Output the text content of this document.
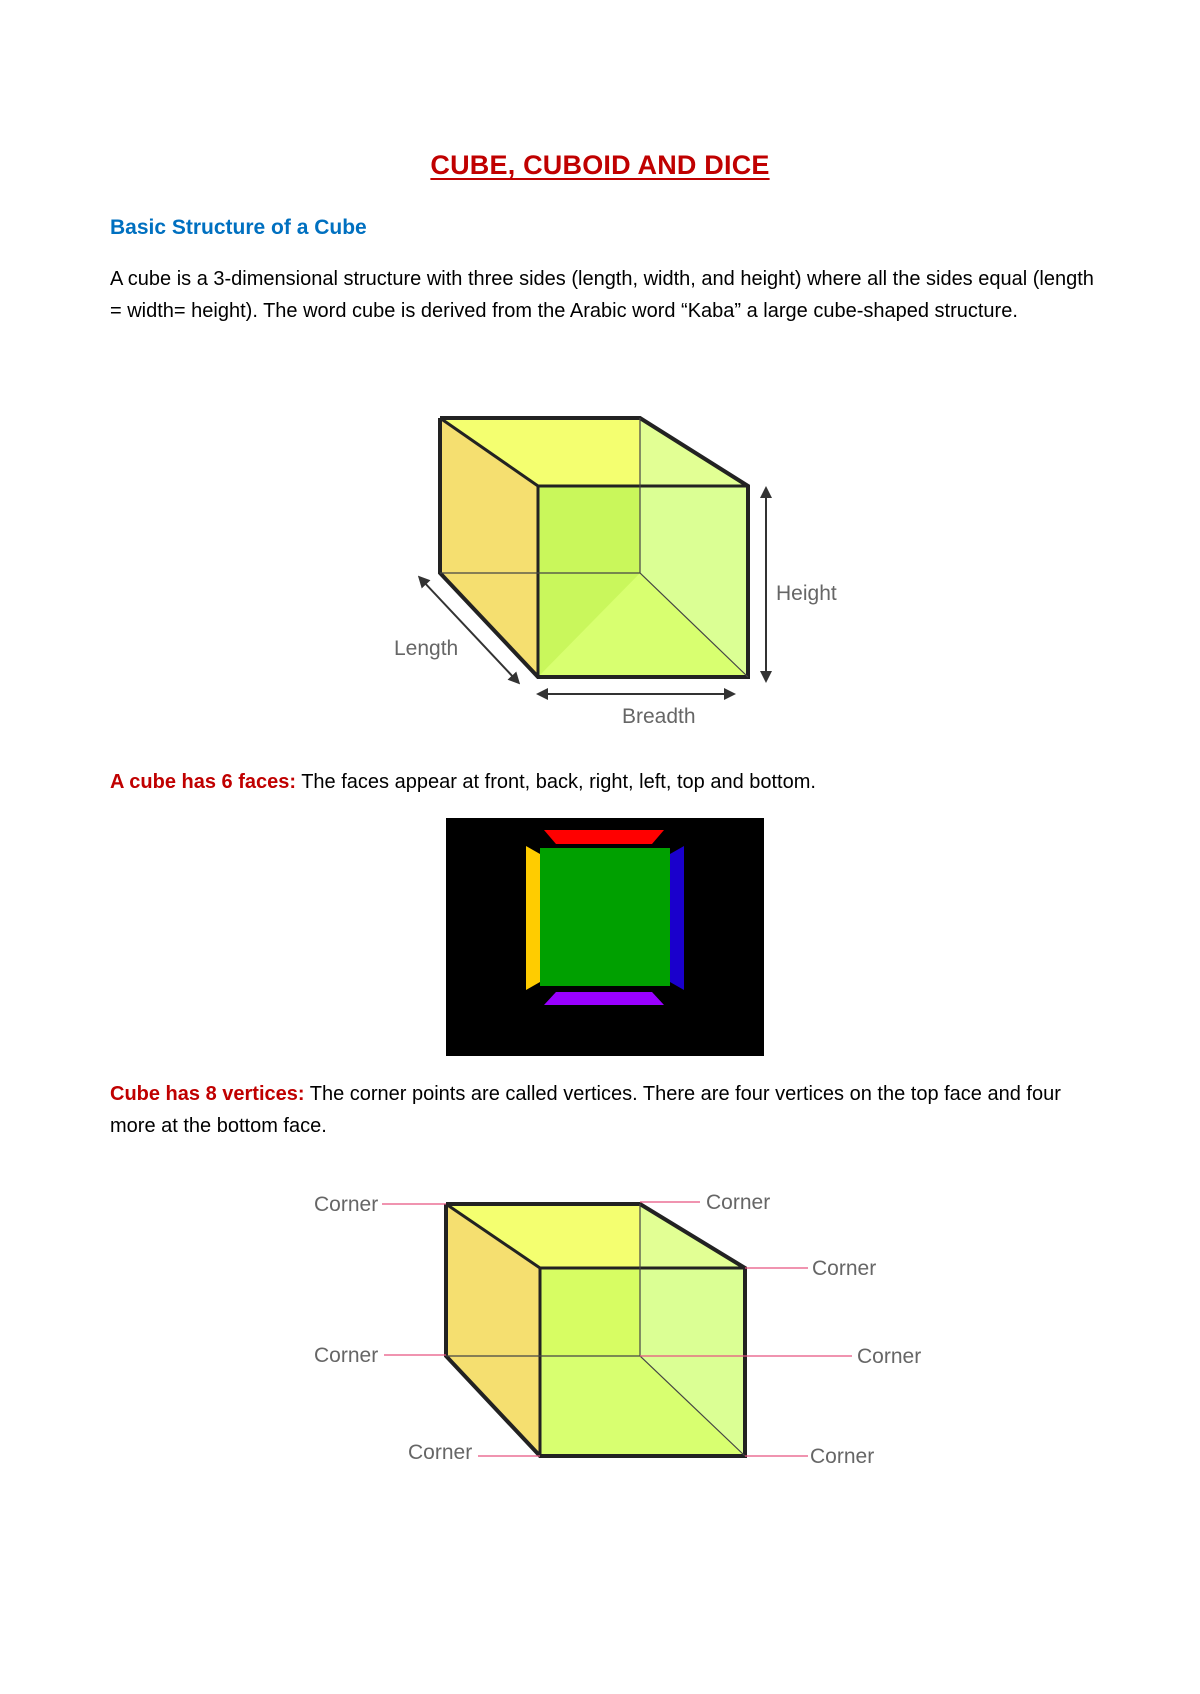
CUBE, CUBOID AND DICE
Basic Structure of a Cube
A cube is a 3-dimensional structure with three sides (length, width, and height) where all the sides equal (length = width= height). The word cube is derived from the Arabic word “Kaba” a large cube-shaped structure.
Height
Length
Breadth
A cube has 6 faces: The faces appear at front, back, right, left, top and bottom.
Cube has 8 vertices: The corner points are called vertices. There are four vertices on the top face and four more at the bottom face.
Corner	Corner
Corner
Corner	Corner
Corner	Corner
